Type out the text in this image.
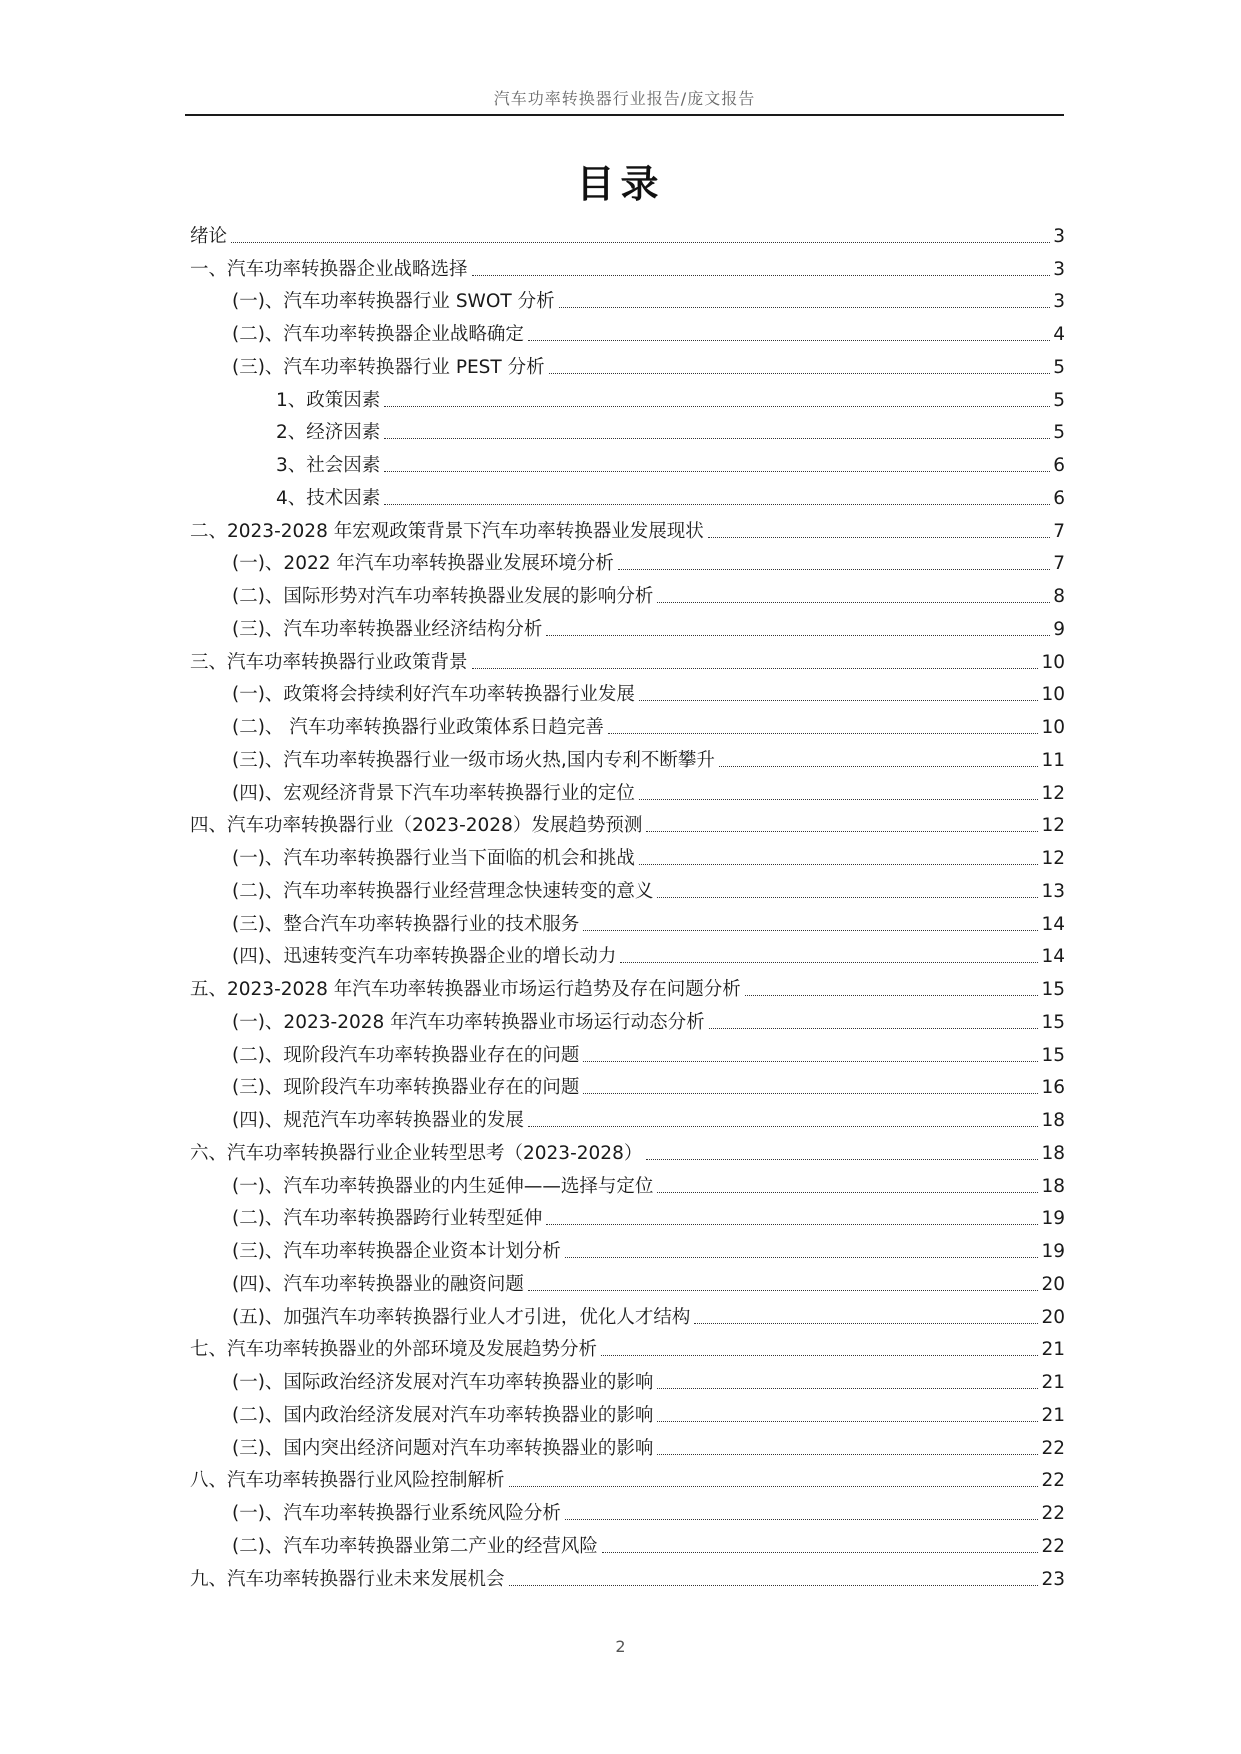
汽车功率转换器行业报告/庞文报告
目录
绪论	3
一、汽车功率转换器企业战略选择	3
(一)、汽车功率转换器行业 SWOT 分析	3
(二)、汽车功率转换器企业战略确定	4
(三)、汽车功率转换器行业 PEST 分析	5
1、政策因素	5
2、经济因素	5
3、社会因素	6
4、技术因素	6
二、2023-2028 年宏观政策背景下汽车功率转换器业发展现状	7
(一)、2022 年汽车功率转换器业发展环境分析	7
(二)、国际形势对汽车功率转换器业发展的影响分析	8
(三)、汽车功率转换器业经济结构分析	9
三、汽车功率转换器行业政策背景	10
(一)、政策将会持续利好汽车功率转换器行业发展	10
(二)、 汽车功率转换器行业政策体系日趋完善	10
(三)、汽车功率转换器行业一级市场火热,国内专利不断攀升	11
(四)、宏观经济背景下汽车功率转换器行业的定位	12
四、汽车功率转换器行业（2023-2028）发展趋势预测	12
(一)、汽车功率转换器行业当下面临的机会和挑战	12
(二)、汽车功率转换器行业经营理念快速转变的意义	13
(三)、整合汽车功率转换器行业的技术服务	14
(四)、迅速转变汽车功率转换器企业的增长动力	14
五、2023-2028 年汽车功率转换器业市场运行趋势及存在问题分析	15
(一)、2023-2028 年汽车功率转换器业市场运行动态分析	15
(二)、现阶段汽车功率转换器业存在的问题	15
(三)、现阶段汽车功率转换器业存在的问题	16
(四)、规范汽车功率转换器业的发展	18
六、汽车功率转换器行业企业转型思考（2023-2028）	18
(一)、汽车功率转换器业的内生延伸——选择与定位	18
(二)、汽车功率转换器跨行业转型延伸	19
(三)、汽车功率转换器企业资本计划分析	19
(四)、汽车功率转换器业的融资问题	20
(五)、加强汽车功率转换器行业人才引进，优化人才结构	20
七、汽车功率转换器业的外部环境及发展趋势分析	21
(一)、国际政治经济发展对汽车功率转换器业的影响	21
(二)、国内政治经济发展对汽车功率转换器业的影响	21
(三)、国内突出经济问题对汽车功率转换器业的影响	22
八、汽车功率转换器行业风险控制解析	22
(一)、汽车功率转换器行业系统风险分析	22
(二)、汽车功率转换器业第二产业的经营风险	22
九、汽车功率转换器行业未来发展机会	23
2
